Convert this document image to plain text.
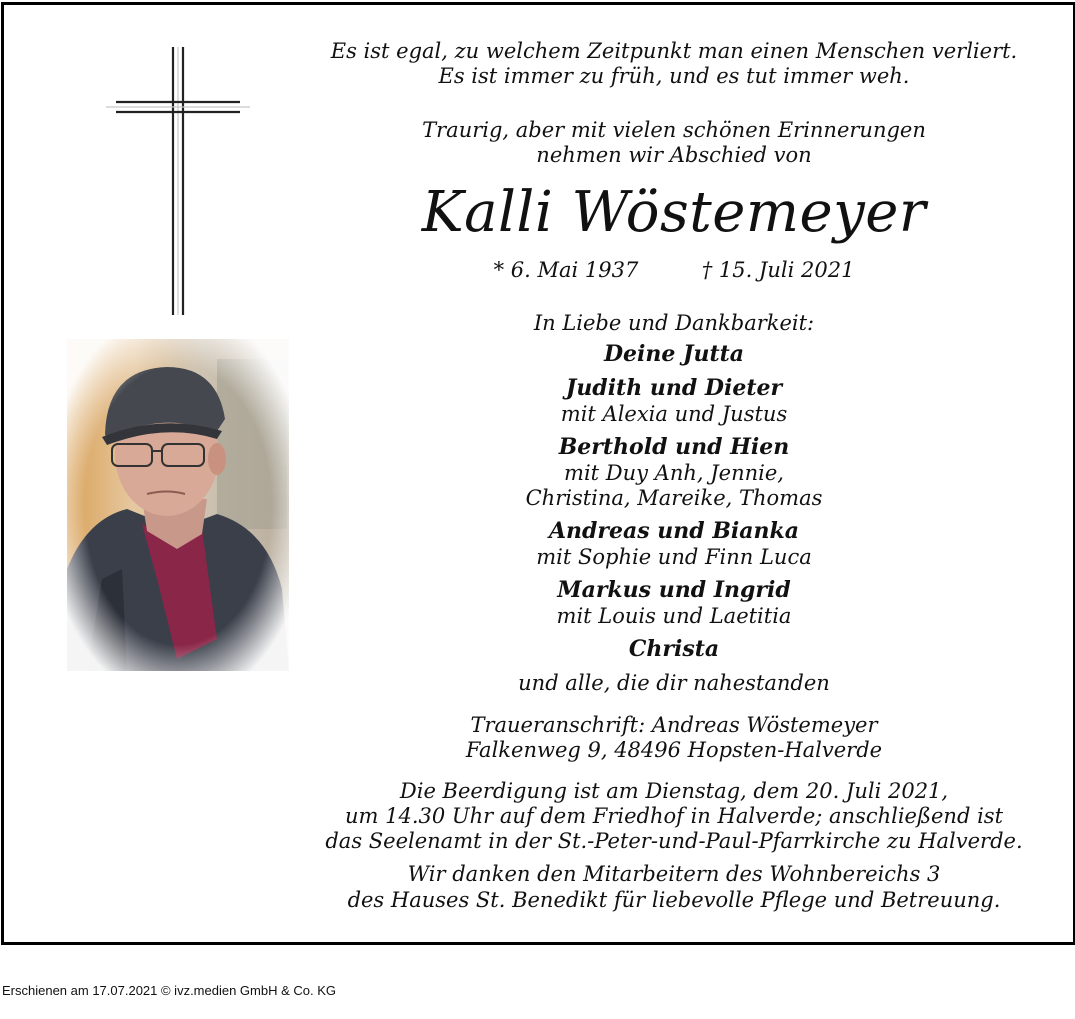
Es ist egal, zu welchem Zeitpunkt man einen Menschen verliert.
Es ist immer zu früh, und es tut immer weh.
Traurig, aber mit vielen schönen Erinnerungen
nehmen wir Abschied von
Kalli Wöstemeyer
* 6. Mai 1937	† 15. Juli 2021
In Liebe und Dankbarkeit:
Deine Jutta
Judith und Dieter
mit Alexia und Justus
Berthold und Hien
mit Duy Anh, Jennie,
Christina, Mareike, Thomas
Andreas und Bianka
mit Sophie und Finn Luca
Markus und Ingrid
mit Louis und Laetitia
Christa
und alle, die dir nahestanden
Traueranschrift: Andreas Wöstemeyer
Falkenweg 9, 48496 Hopsten-Halverde
Die Beerdigung ist am Dienstag, dem 20. Juli 2021,
um 14.30 Uhr auf dem Friedhof in Halverde; anschließend ist
das Seelenamt in der St.-Peter-und-Paul-Pfarrkirche zu Halverde.
Wir danken den Mitarbeitern des Wohnbereichs 3
des Hauses St. Benedikt für liebevolle Pflege und Betreuung.
Erschienen am 17.07.2021 © ivz.medien GmbH & Co. KG
